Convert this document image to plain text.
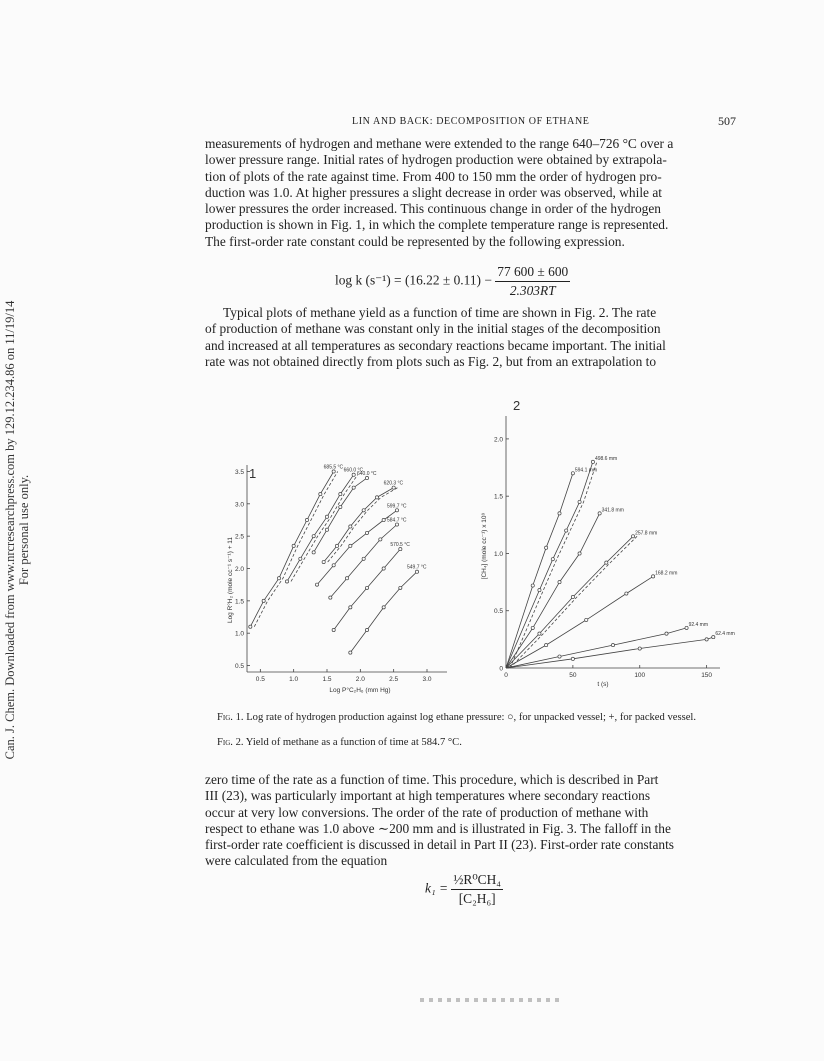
Can. J. Chem. Downloaded from www.nrcresearchpress.com by 129.12.234.86 on 11/19/14 For personal use only.
LIN AND BACK: DECOMPOSITION OF ETHANE	507
measurements of hydrogen and methane were extended to the range 640–726 °C over a
lower pressure range. Initial rates of hydrogen production were obtained by extrapola-
tion of plots of the rate against time. From 400 to 150 mm the order of hydrogen pro-
duction was 1.0. At higher pressures a slight decrease in order was observed, while at
lower pressures the order increased. This continuous change in order of the hydrogen
production is shown in Fig. 1, in which the complete temperature range is represented.
The first-order rate constant could be represented by the following expression.
log k $(s^{-1}) = (16.22 \pm 0.11) - \frac{77 600 \pm 600}{2.303RT}$
Typical plots of methane yield as a function of time are shown in Fig. 2. The rate
of production of methane was constant only in the initial stages of the decomposition
and increased at all temperatures as secondary reactions became important. The initial
rate was not obtained directly from plots such as Fig. 2, but from an extrapolation to
1
0.5	1.0	1.5	2.0	2.5	3.0
0.5
1.0
1.5
2.0
2.5
3.0
3.5
685.5 °C
660.0 °C
640.0 °C
620.3 °C
599.7 °C
584.7 °C
570.5 °C
549.7 °C
Log P°C₂H₆ (mm Hg)
Log R°H₂ (mole cc⁻¹ s⁻¹) + 11
2
0	50	100	150
0
0.5
1.0
1.5
2.0
594.1 mm
498.6 mm
341.8 mm
257.8 mm
168.2 mm
92.4 mm
62.4 mm
t (s)
[CH₄] (mole cc⁻¹) x 10⁹
Fig. 1. Log rate of hydrogen production against log ethane pressure: ○, for unpacked vessel; +, for packed vessel.
Fig. 2. Yield of methane as a function of time at 584.7 °C.
zero time of the rate as a function of time. This procedure, which is described in Part
III (23), was particularly important at high temperatures where secondary reactions
occur at very low conversions. The order of the rate of production of methane with
respect to ethane was 1.0 above ∼200 mm and is illustrated in Fig. 3. The falloff in the
first-order rate coefficient is discussed in detail in Part II (23). First-order rate constants
were calculated from the equation
$k_1 = \frac{\text{½R⁰CH₄}}{\text{[C₂H₆]}}$
